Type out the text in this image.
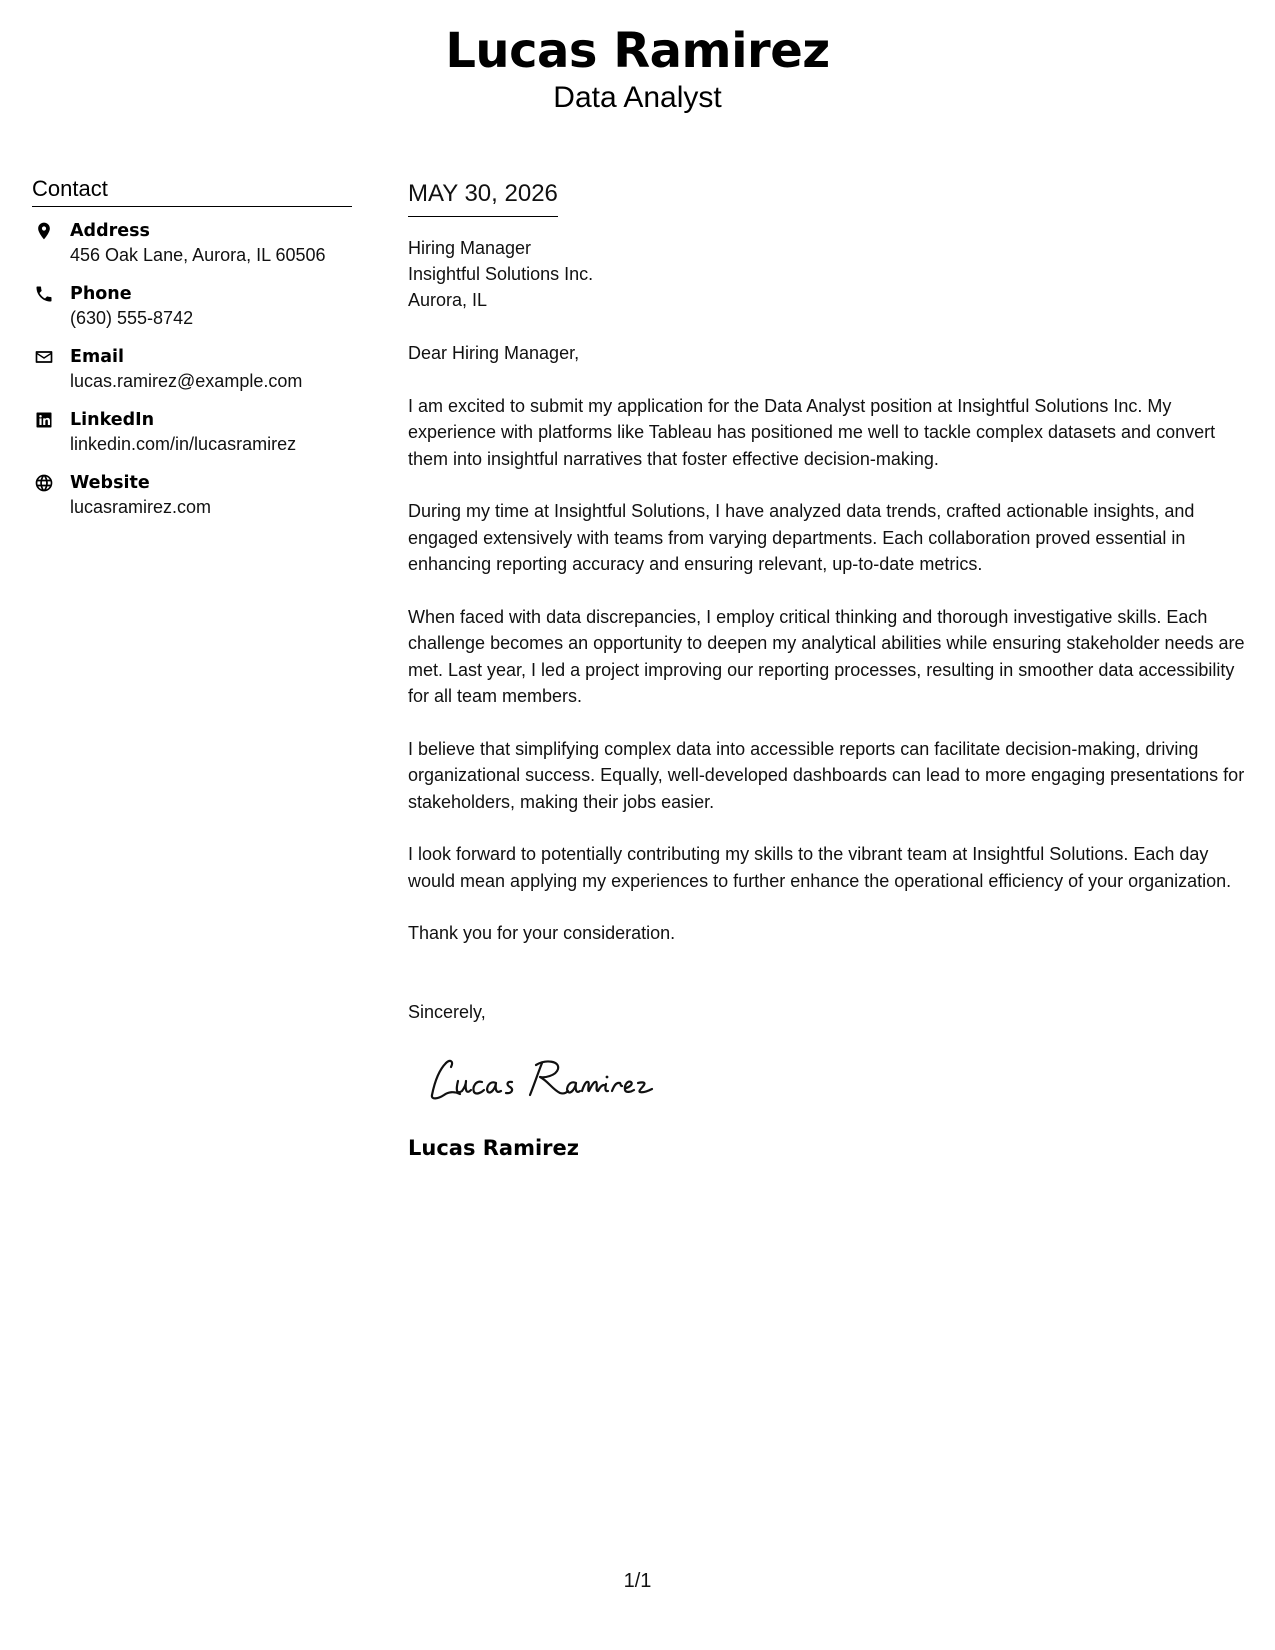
Lucas Ramirez
Data Analyst
Contact
Address
456 Oak Lane, Aurora, IL 60506
Phone
(630) 555-8742
Email
lucas.ramirez@example.com
LinkedIn
linkedin.com/in/lucasramirez
Website
lucasramirez.com
MAY 30, 2026
Hiring Manager
Insightful Solutions Inc.
Aurora, IL

Dear Hiring Manager,

I am excited to submit my application for the Data Analyst position at Insightful Solutions Inc. My experience with platforms like Tableau has positioned me well to tackle complex datasets and convert them into insightful narratives that foster effective decision-making.

During my time at Insightful Solutions, I have analyzed data trends, crafted actionable insights, and engaged extensively with teams from varying departments. Each collaboration proved essential in enhancing reporting accuracy and ensuring relevant, up-to-date metrics.

When faced with data discrepancies, I employ critical thinking and thorough investigative skills. Each challenge becomes an opportunity to deepen my analytical abilities while ensuring stakeholder needs are met. Last year, I led a project improving our reporting processes, resulting in smoother data accessibility for all team members.

I believe that simplifying complex data into accessible reports can facilitate decision-making, driving organizational success. Equally, well-developed dashboards can lead to more engaging presentations for stakeholders, making their jobs easier.

I look forward to potentially contributing my skills to the vibrant team at Insightful Solutions. Each day would mean applying my experiences to further enhance the operational efficiency of your organization.

Thank you for your consideration.

Sincerely,

Lucas Ramirez
1/1
